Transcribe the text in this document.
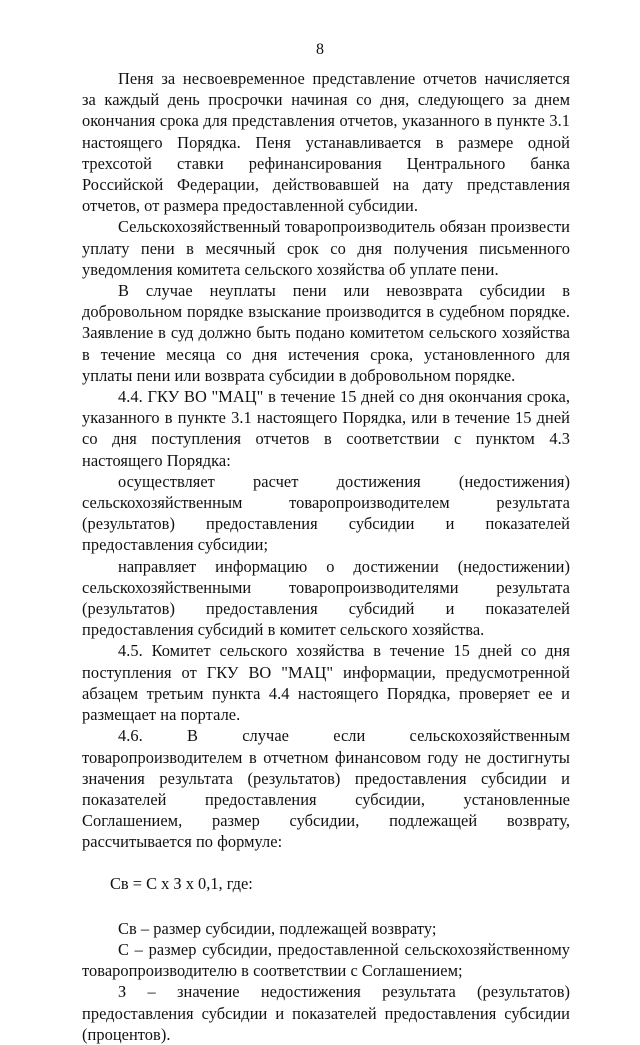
8

Пеня за несвоевременное представление отчетов начисляется за каждый день просрочки начиная со дня, следующего за днем окончания срока для представления отчетов, указанного в пункте 3.1 настоящего Порядка. Пеня устанавливается в размере одной трехсотой ставки рефинансирования Центрального банка Российской Федерации, действовавшей на дату представления отчетов, от размера предоставленной субсидии.

Сельскохозяйственный товаропроизводитель обязан произвести уплату пени в месячный срок со дня получения письменного уведомления комитета сельского хозяйства об уплате пени.

В случае неуплаты пени или невозврата субсидии в добровольном порядке взыскание производится в судебном порядке. Заявление в суд должно быть подано комитетом сельского хозяйства в течение месяца со дня истечения срока, установленного для уплаты пени или возврата субсидии в добровольном порядке.

4.4. ГКУ ВО "МАЦ" в течение 15 дней со дня окончания срока, указанного в пункте 3.1 настоящего Порядка, или в течение 15 дней со дня поступления отчетов в соответствии с пунктом 4.3 настоящего Порядка:

осуществляет расчет достижения (недостижения) сельскохозяйственным товаропроизводителем результата (результатов) предоставления субсидии и показателей предоставления субсидии;

направляет информацию о достижении (недостижении) сельскохозяйственными товаропроизводителями результата (результатов) предоставления субсидий и показателей предоставления субсидий в комитет сельского хозяйства.

4.5. Комитет сельского хозяйства в течение 15 дней со дня поступления от ГКУ ВО "МАЦ" информации, предусмотренной абзацем третьим пункта 4.4 настоящего Порядка, проверяет ее и размещает на портале.

4.6. В случае если сельскохозяйственным товаропроизводителем в отчетном финансовом году не достигнуты значения результата (результатов) предоставления субсидии и показателей предоставления субсидии, установленные Соглашением, размер субсидии, подлежащей возврату, рассчитывается по формуле:

Св = С х З х 0,1, где:

Св – размер субсидии, подлежащей возврату;

С – размер субсидии, предоставленной сельскохозяйственному товаропроизводителю в соответствии с Соглашением;

З – значение недостижения результата (результатов) предоставления субсидии и показателей предоставления субсидии (процентов).
